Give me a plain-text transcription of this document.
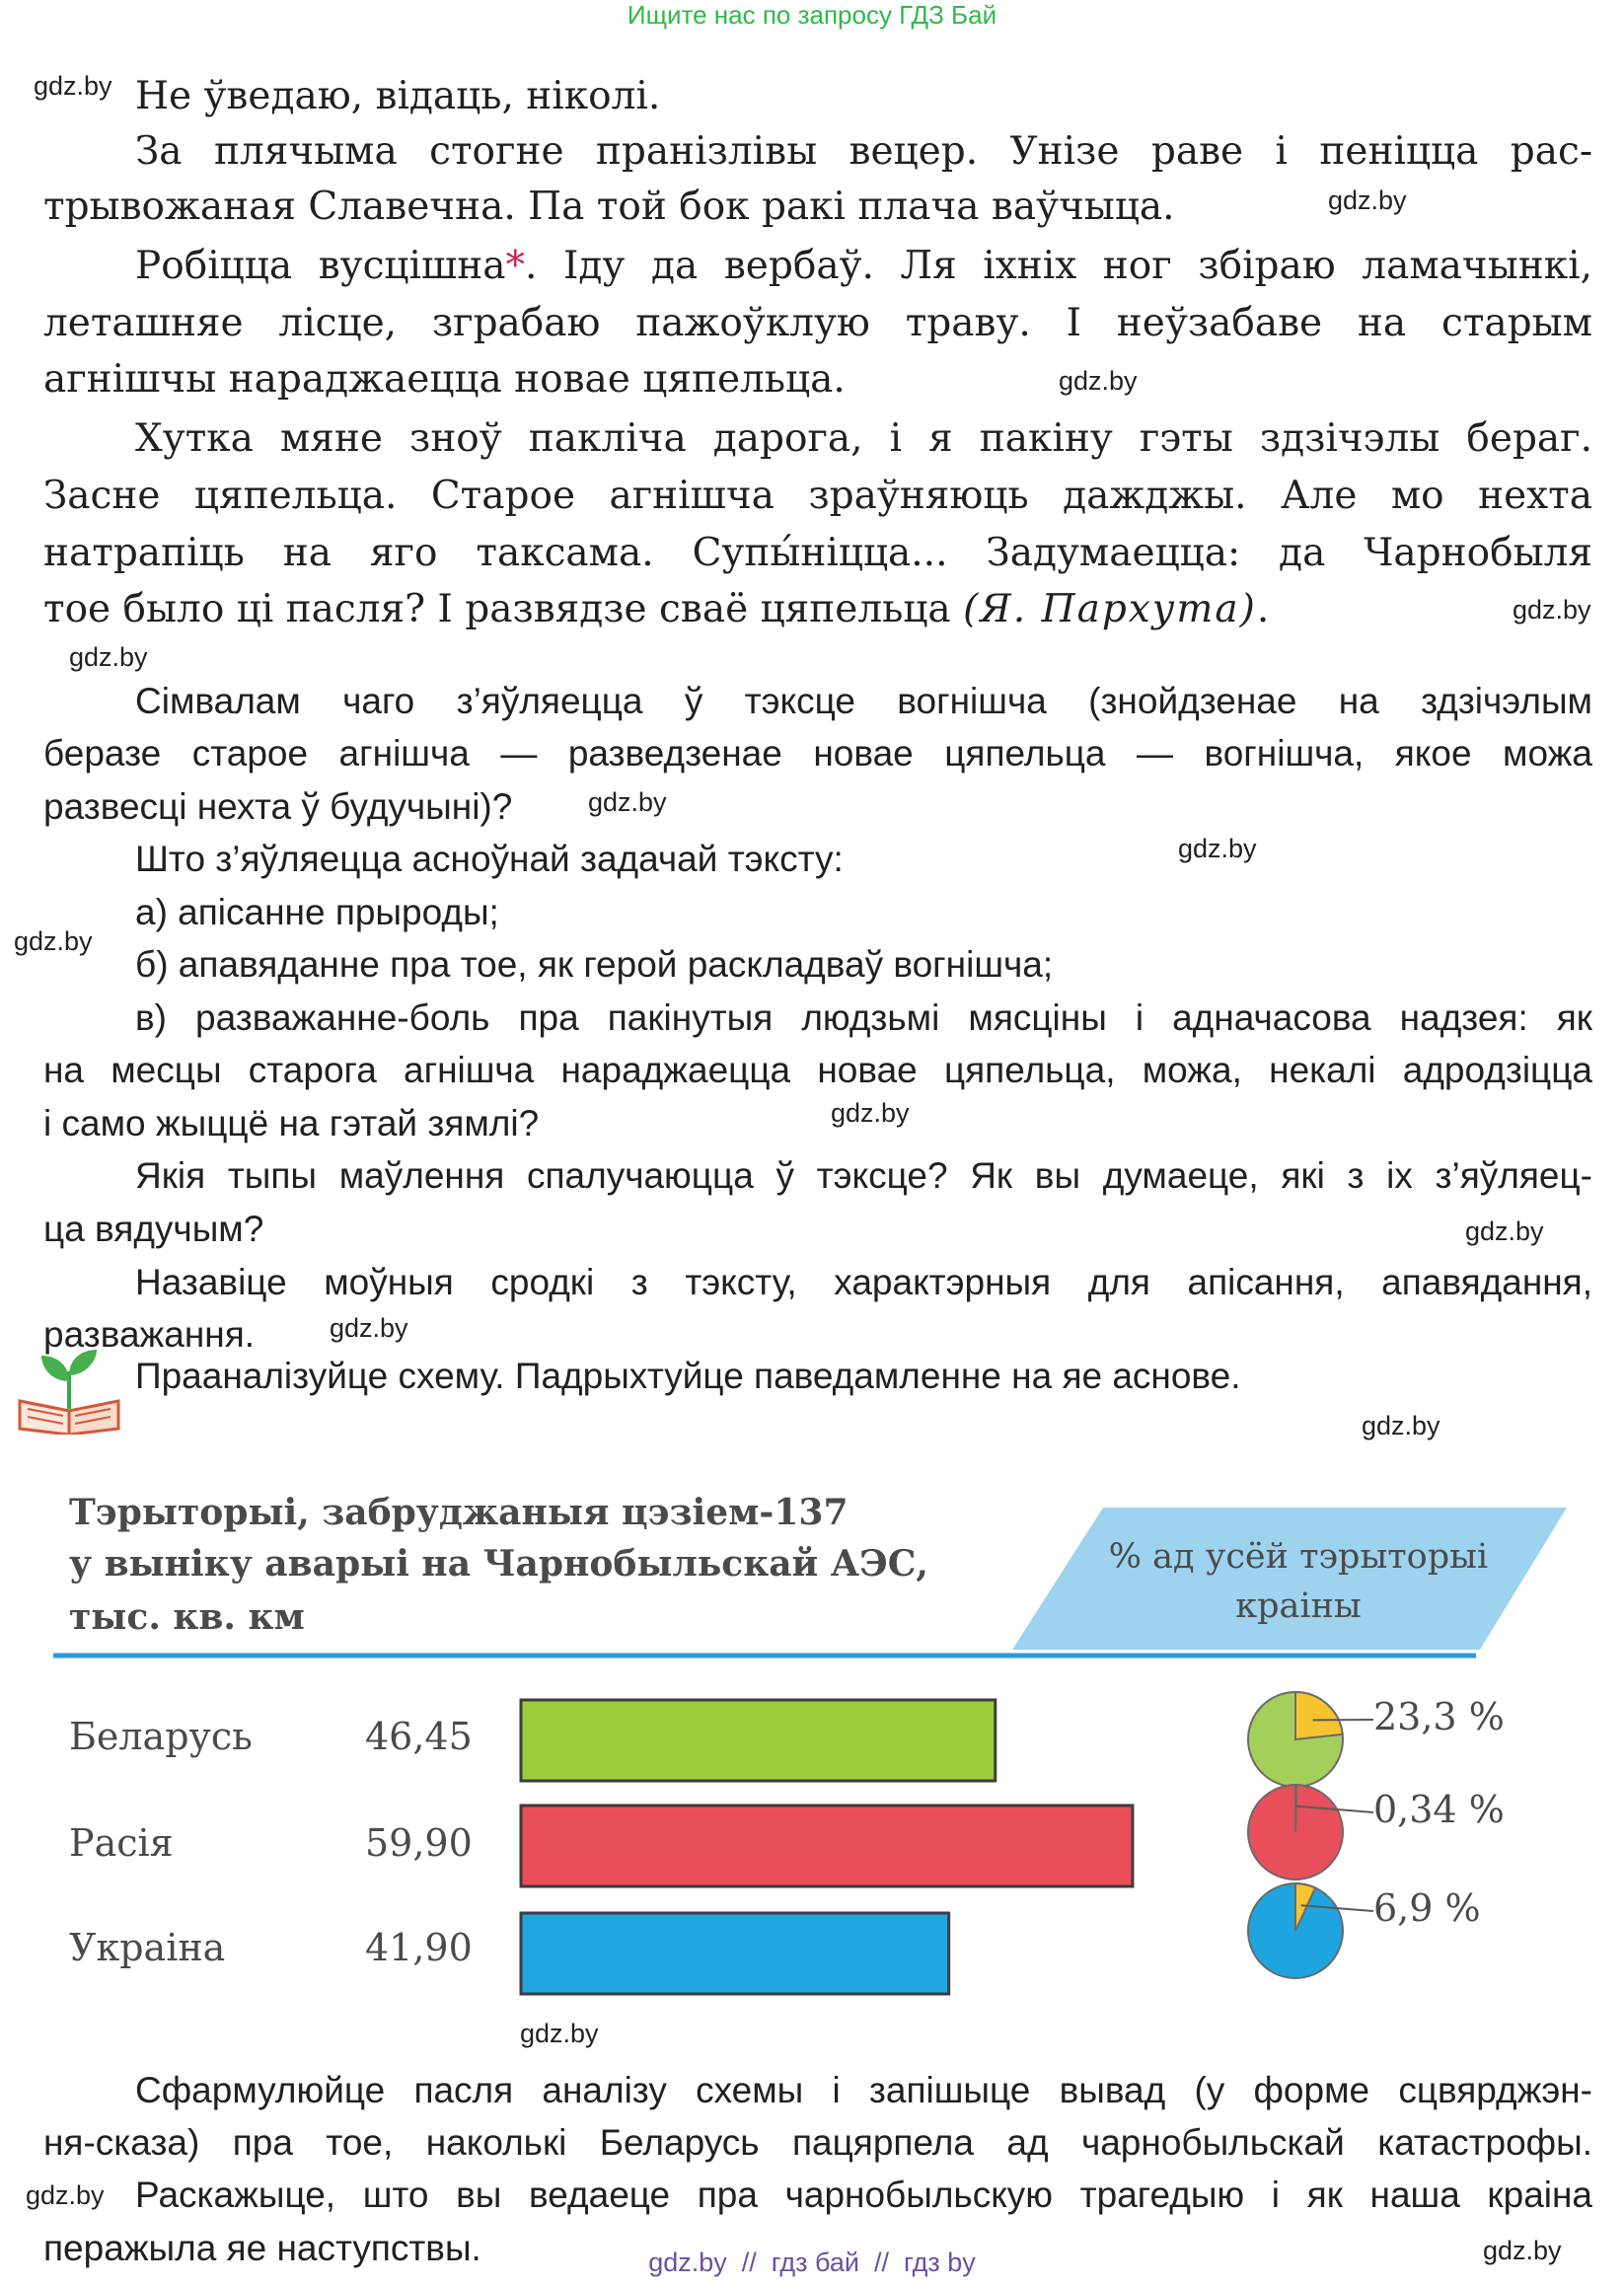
Ищите нас по запросу ГДЗ Бай
gdz.by
gdz.by
gdz.by
gdz.by
gdz.by
gdz.by
gdz.by
gdz.by
gdz.by
gdz.by
gdz.by
gdz.by
gdz.by
gdz.by
gdz.by
Не ўведаю, відаць, ніколі.
За плячыма стогне пранізлівы вецер. Унізе раве і пеніцца рас-
трывожаная Славечна. Па той бок ракі плача ваўчыца.
Робіцца вусцішна*. Іду да вербаў. Ля іхніх ног збіраю ламачынкі,
леташняе лісце, зграбаю пажоўклую траву. І неўзабаве на старым
агнішчы нараджаецца новае цяпельца.
Хутка мяне зноў пакліча дарога, і я пакіну гэты здзічэлы бераг.
Засне цяпельца. Старое агнішча зраўняюць дажджы. Але мо нехта
натрапіць на яго таксама. Супы́ніцца... Задумаецца: да Чарнобыля
тое было ці пасля? І развядзе сваё цяпельца (Я. Пархута).
Сімвалам чаго з’яўляецца ў тэксце вогнішча (знойдзенае на здзічэлым
беразе старое агнішча — разведзенае новае цяпельца — вогнішча, якое можа
развесці нехта ў будучыні)?
Што з’яўляецца асноўнай задачай тэксту:
а) апісанне прыроды;
б) апавяданне пра тое, як герой раскладваў вогнішча;
в) разважанне-боль пра пакінутыя людзьмі мясціны і адначасова надзея: як
на месцы старога агнішча нараджаецца новае цяпельца, можа, некалі адродзіцца
і само жыццё на гэтай зямлі?
Якія тыпы маўлення спалучаюцца ў тэксце? Як вы думаеце, які з іх з’яўляец-
ца вядучым?
Назавіце моўныя сродкі з тэксту, характэрныя для апісання, апавядання,
разважання.
Прааналізуйце схему. Падрыхтуйце паведамленне на яе аснове.
Тэрыторыі, забруджаныя цэзіем-137
у выніку аварыі на Чарнобыльскай АЭС,
тыс. кв. км
% ад усёй тэрыторыі
краіны
Беларусь
Расія
Украіна
46,45
59,90
41,90
23,3 %
0,34 %
6,9 %
Сфармулюйце пасля аналізу схемы і запішыце вывад (у форме сцвярджэн-
ня-сказа) пра тое, наколькі Беларусь пацярпела ад чарнобыльскай катастрофы.
Раскажыце, што вы ведаеце пра чарнобыльскую трагедыю і як наша краіна
перажыла яе наступствы.	gdz.by  //  гдз бай  //  гдз by
